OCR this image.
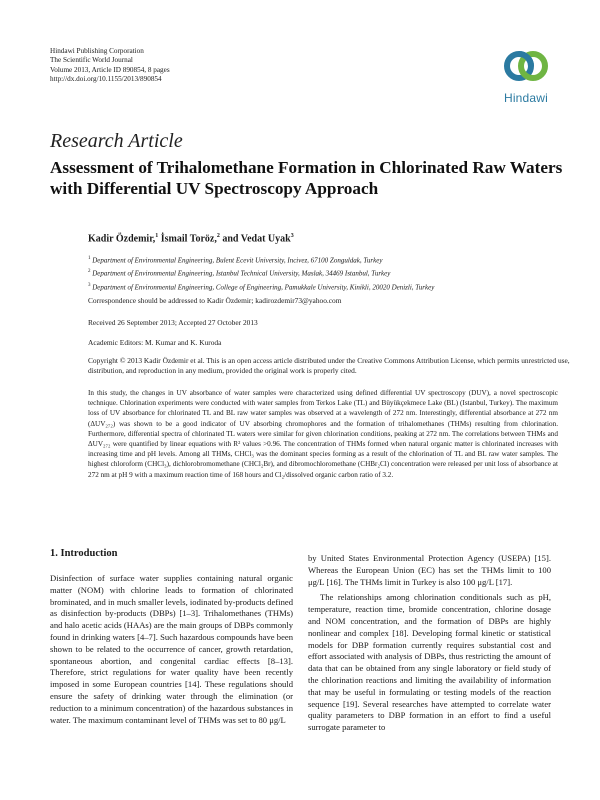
Hindawi Publishing Corporation
The Scientific World Journal
Volume 2013, Article ID 890854, 8 pages
http://dx.doi.org/10.1155/2013/890854
Hindawi
Research Article
Assessment of Trihalomethane Formation in Chlorinated Raw Waters with Differential UV Spectroscopy Approach
Kadir Özdemir,$^1$ İsmail Toröz,$^2$ and Vedat Uyak$^3$
$^1$ Department of Environmental Engineering, Bulent Ecevit University, Incivez, 67100 Zonguldak, Turkey
$^2$ Department of Environmental Engineering, Istanbul Technical University, Maslak, 34469 Istanbul, Turkey
$^3$ Department of Environmental Engineering, College of Engineering, Pamukkale University, Kinikli, 20020 Denizli, Turkey
Correspondence should be addressed to Kadir Özdemir; kadirozdemir73@yahoo.com
Received 26 September 2013; Accepted 27 October 2013
Academic Editors: M. Kumar and K. Kuroda
Copyright © 2013 Kadir Özdemir et al. This is an open access article distributed under the Creative Commons Attribution License, which permits unrestricted use, distribution, and reproduction in any medium, provided the original work is properly cited.
In this study, the changes in UV absorbance of water samples were characterized using defined differential UV spectroscopy (DUV), a novel spectroscopic technique. Chlorination experiments were conducted with water samples from Terkos Lake (TL) and Büyükçekmece Lake (BL) (Istanbul, Turkey). The maximum loss of UV absorbance for chlorinated TL and BL raw water samples was observed at a wavelength of 272 nm. Interestingly, differential absorbance at 272 nm (ΔUV₂₇₂) was shown to be a good indicator of UV absorbing chromophores and the formation of trihalomethanes (THMs) resulting from chlorination. Furthermore, differential spectra of chlorinated TL waters were similar for given chlorination conditions, peaking at 272 nm. The correlations between THMs and ΔUV₂₇₂ were quantified by linear equations with R² values >0.96. The concentration of THMs formed when natural organic matter is chlorinated increases with increasing time and pH levels. Among all THMs, CHCl₃ was the dominant species forming as a result of the chlorination of TL and BL raw water samples. The highest chloroform (CHCl₃), dichlorobromomethane (CHCl₂Br), and dibromochloromethane (CHBr₂Cl) concentration were released per unit loss of absorbance at 272 nm at pH 9 with a maximum reaction time of 168 hours and Cl₂/dissolved organic carbon ratio of 3.2.
1. Introduction

Disinfection of surface water supplies containing natural organic matter (NOM) with chlorine leads to formation of chlorinated brominated, and in much smaller levels, iodinated by-products defined as disinfection by-products (DBPs) [1–3]. Trihalomethanes (THMs) and halo acetic acids (HAAs) are the main groups of DBPs commonly found in drinking waters [4–7]. Such hazardous compounds have been shown to be related to the occurrence of cancer, growth retardation, spontaneous abortion, and congenital cardiac effects [8–13]. Therefore, strict regulations for water quality have been recently imposed in some European countries [14]. These regulations should ensure the safety of drinking water through the elimination (or reduction to a minimum concentration) of the hazardous substances in water. The maximum contaminant level of THMs was set to 80 μg/L

by United States Environmental Protection Agency (USEPA) [15]. Whereas the European Union (EC) has set the THMs limit to 100 μg/L [16]. The THMs limit in Turkey is also 100 μg/L [17].

The relationships among chlorination conditionals such as pH, temperature, reaction time, bromide concentration, chlorine dosage and NOM concentration, and the formation of DBPs are highly nonlinear and complex [18]. Developing formal kinetic or statistical models for DBP formation currently requires substantial cost and effort associated with analysis of DBPs, thus restricting the amount of data that can be obtained from any single laboratory or field study of the chlorination reactions and limiting the availability of information that may be useful in formulating or testing models of the reaction sequence [19]. Several researches have attempted to correlate water quality parameters to DBP formation in an effort to find a useful surrogate parameter to
